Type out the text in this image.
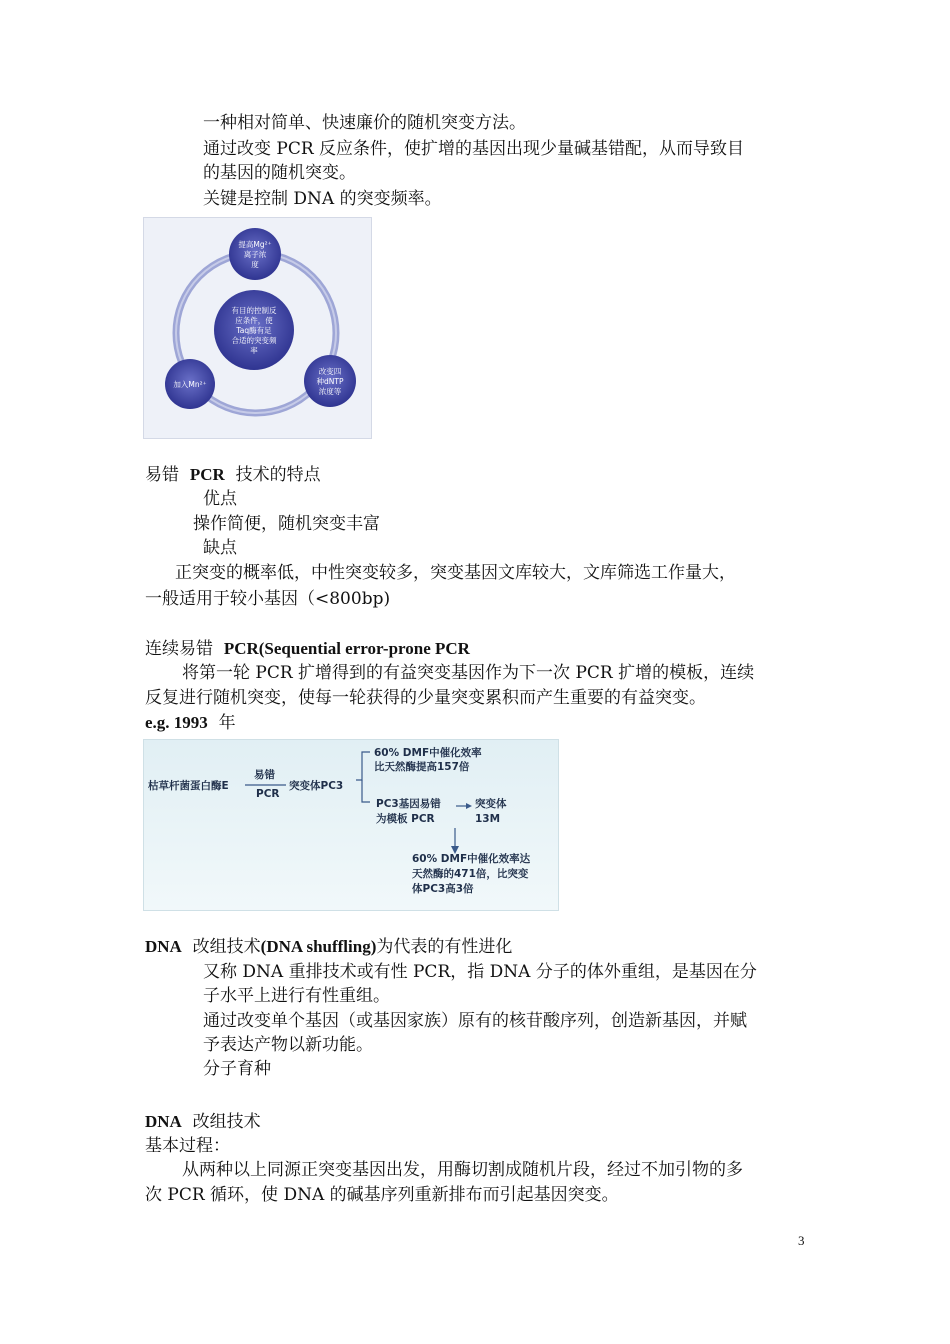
一种相对简单、快速廉价的随机突变方法。
通过改变 PCR 反应条件，使扩增的基因出现少量碱基错配，从而导致目
的基因的随机突变。
关键是控制 DNA 的突变频率。
有目的控制反
应条件，使
Taq酶有足
合适的突变频
率
提高Mg²⁺
离子浓
度
加入Mn²⁺
改变四
种dNTP
浓度等
易错 PCR 技术的特点
优点
操作简便，随机突变丰富
缺点
正突变的概率低，中性突变较多，突变基因文库较大，文库筛选工作量大，
一般适用于较小基因（<800bp)
连续易错 PCR(Sequential error-prone PCR
将第一轮 PCR 扩增得到的有益突变基因作为下一次 PCR 扩增的模板，连续
反复进行随机突变，使每一轮获得的少量突变累积而产生重要的有益突变。
e.g. 1993 年
枯草杆菌蛋白酶E
易错
PCR
突变体PC3
60% DMF中催化效率
比天然酶提高157倍
PC3基因易错
为模板 PCR
突变体
13M
60% DMF中催化效率达
天然酶的471倍，比突变
体PC3高3倍
DNA 改组技术(DNA shuffling)为代表的有性进化
又称 DNA 重排技术或有性 PCR，指 DNA 分子的体外重组，是基因在分
子水平上进行有性重组。
通过改变单个基因（或基因家族）原有的核苷酸序列，创造新基因，并赋
予表达产物以新功能。
分子育种
DNA 改组技术
基本过程：
从两种以上同源正突变基因出发，用酶切割成随机片段，经过不加引物的多
次 PCR 循环，使 DNA 的碱基序列重新排布而引起基因突变。
3
